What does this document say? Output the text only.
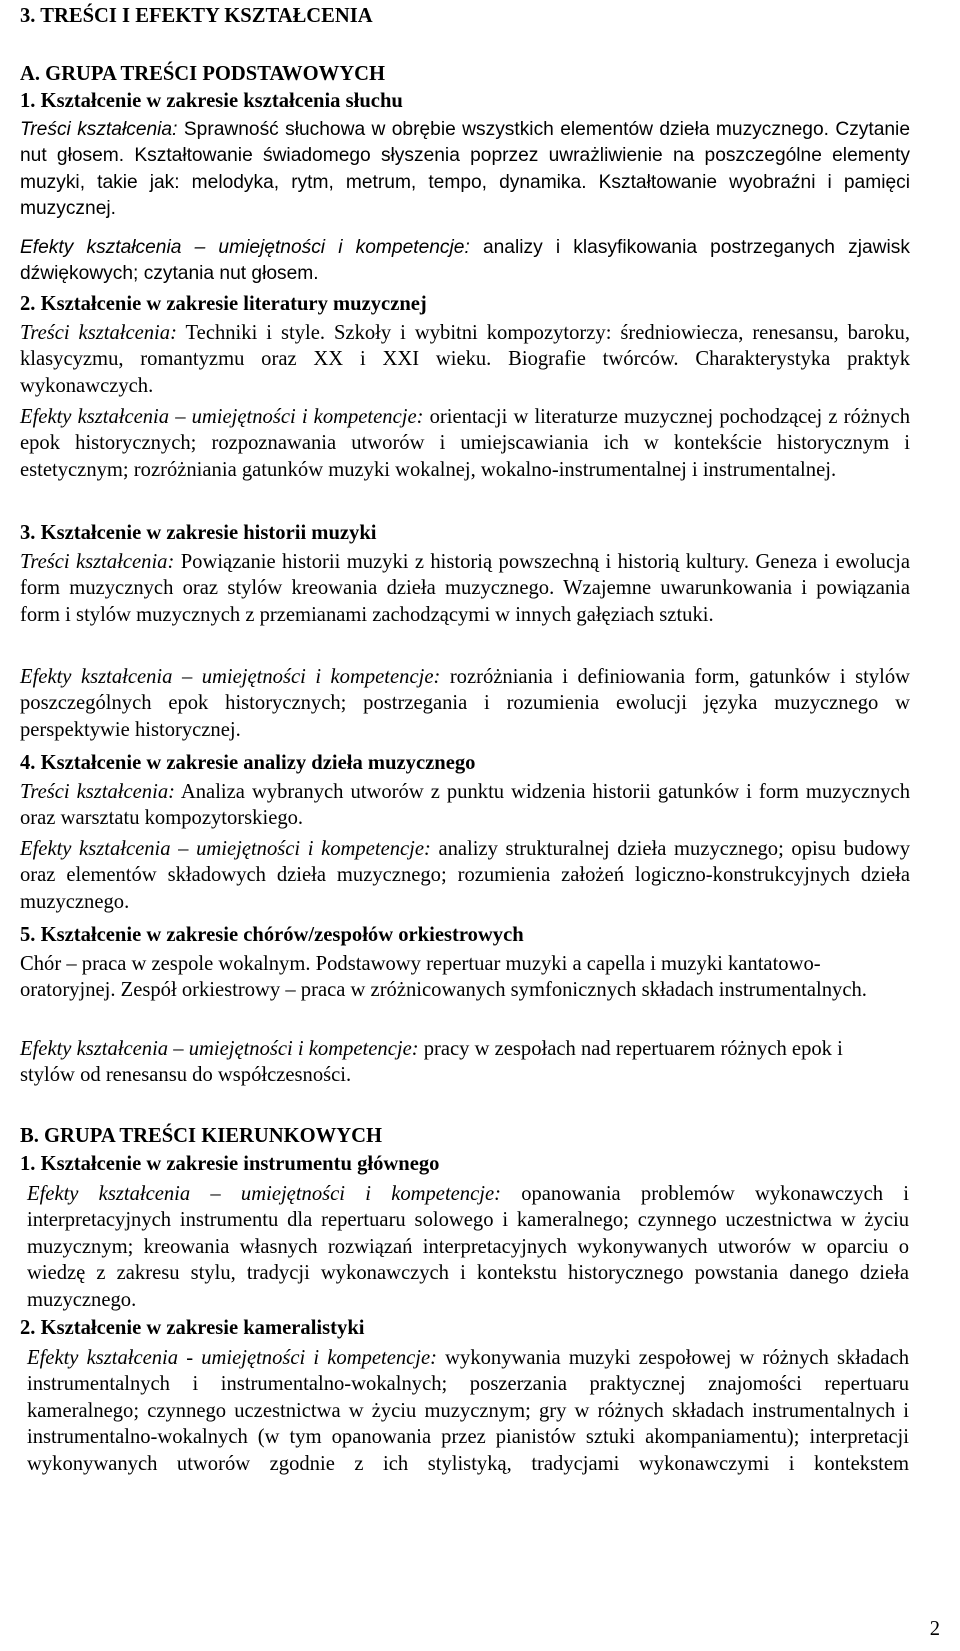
3. TREŚCI I EFEKTY KSZTAŁCENIA
A. GRUPA TREŚCI PODSTAWOWYCH
1. Kształcenie w zakresie kształcenia słuchu
Treści kształcenia: Sprawność słuchowa w obrębie wszystkich elementów dzieła muzycznego. Czytanie nut głosem. Kształtowanie świadomego słyszenia poprzez uwrażliwienie na poszczególne elementy muzyki, takie jak: melodyka, rytm, metrum, tempo, dynamika. Kształtowanie wyobraźni i pamięci muzycznej.
Efekty kształcenia – umiejętności i kompetencje: analizy i klasyfikowania postrzeganych zjawisk dźwiękowych; czytania nut głosem.
2. Kształcenie w zakresie literatury muzycznej
Treści kształcenia: Techniki i style. Szkoły i wybitni kompozytorzy: średniowiecza, renesansu, baroku, klasycyzmu, romantyzmu oraz XX i XXI wieku. Biografie twórców. Charakterystyka praktyk wykonawczych.
Efekty kształcenia – umiejętności i kompetencje: orientacji w literaturze muzycznej pochodzącej z różnych epok historycznych; rozpoznawania utworów i umiejscawiania ich w kontekście historycznym i estetycznym; rozróżniania gatunków muzyki wokalnej, wokalno-instrumentalnej i instrumentalnej.
3. Kształcenie w zakresie historii muzyki
Treści kształcenia: Powiązanie historii muzyki z historią powszechną i historią kultury. Geneza i ewolucja form muzycznych oraz stylów kreowania dzieła muzycznego. Wzajemne uwarunkowania i powiązania form i stylów muzycznych z przemianami zachodzącymi w innych gałęziach sztuki.
Efekty kształcenia – umiejętności i kompetencje: rozróżniania i definiowania form, gatunków i stylów poszczególnych epok historycznych; postrzegania i rozumienia ewolucji języka muzycznego w perspektywie historycznej.
4. Kształcenie w zakresie analizy dzieła muzycznego
Treści kształcenia: Analiza wybranych utworów z punktu widzenia historii gatunków i form muzycznych oraz warsztatu kompozytorskiego.
Efekty kształcenia – umiejętności i kompetencje: analizy strukturalnej dzieła muzycznego; opisu budowy oraz elementów składowych dzieła muzycznego; rozumienia założeń logiczno-konstrukcyjnych dzieła muzycznego.
5. Kształcenie w zakresie chórów/zespołów orkiestrowych
Chór – praca w zespole wokalnym. Podstawowy repertuar muzyki a capella i muzyki kantatowo-oratoryjnej. Zespół orkiestrowy – praca w zróżnicowanych symfonicznych składach instrumentalnych.
Efekty kształcenia – umiejętności i kompetencje: pracy w zespołach nad repertuarem różnych epok i stylów od renesansu do współczesności.
B. GRUPA TREŚCI KIERUNKOWYCH
1. Kształcenie w zakresie instrumentu głównego
Efekty kształcenia – umiejętności i kompetencje: opanowania problemów wykonawczych i interpretacyjnych instrumentu dla repertuaru solowego i kameralnego; czynnego uczestnictwa w życiu muzycznym; kreowania własnych rozwiązań interpretacyjnych wykonywanych utworów w oparciu o wiedzę z zakresu stylu, tradycji wykonawczych i kontekstu historycznego powstania danego dzieła muzycznego.
2. Kształcenie w zakresie kameralistyki
Efekty kształcenia - umiejętności i kompetencje: wykonywania muzyki zespołowej w różnych składach instrumentalnych i instrumentalno-wokalnych; poszerzania praktycznej znajomości repertuaru kameralnego; czynnego uczestnictwa w życiu muzycznym; gry w różnych składach instrumentalnych i instrumentalno-wokalnych (w tym opanowania przez pianistów sztuki akompaniamentu); interpretacji wykonywanych utworów zgodnie z ich stylistyką, tradycjami wykonawczymi i kontekstem
2
